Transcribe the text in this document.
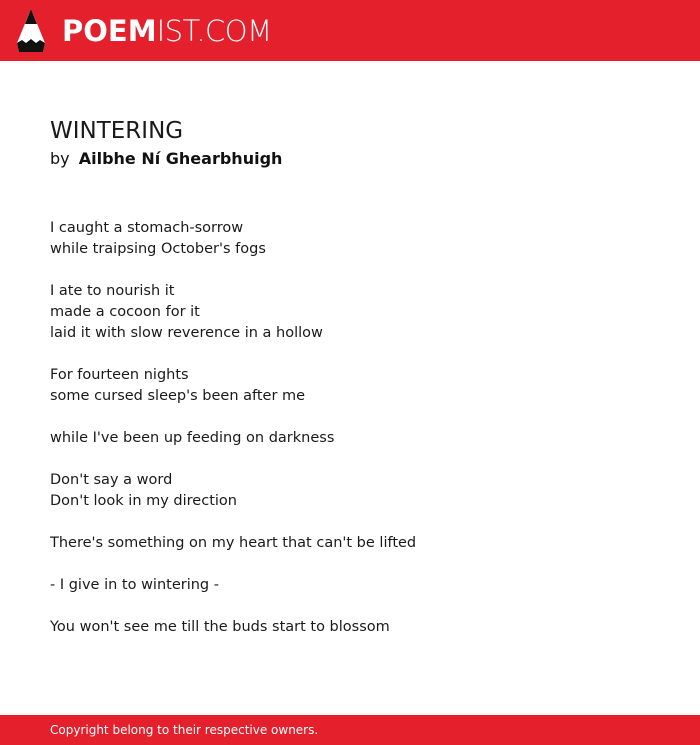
POEM IST.COM
WINTERING
by Ailbhe Ní Ghearbhuigh
I caught a stomach-sorrow
while traipsing October's fogs
I ate to nourish it
made a cocoon for it
laid it with slow reverence in a hollow
For fourteen nights
some cursed sleep's been after me
while I've been up feeding on darkness
Don't say a word
Don't look in my direction
There's something on my heart that can't be lifted
- I give in to wintering -
You won't see me till the buds start to blossom
Copyright belong to their respective owners.
